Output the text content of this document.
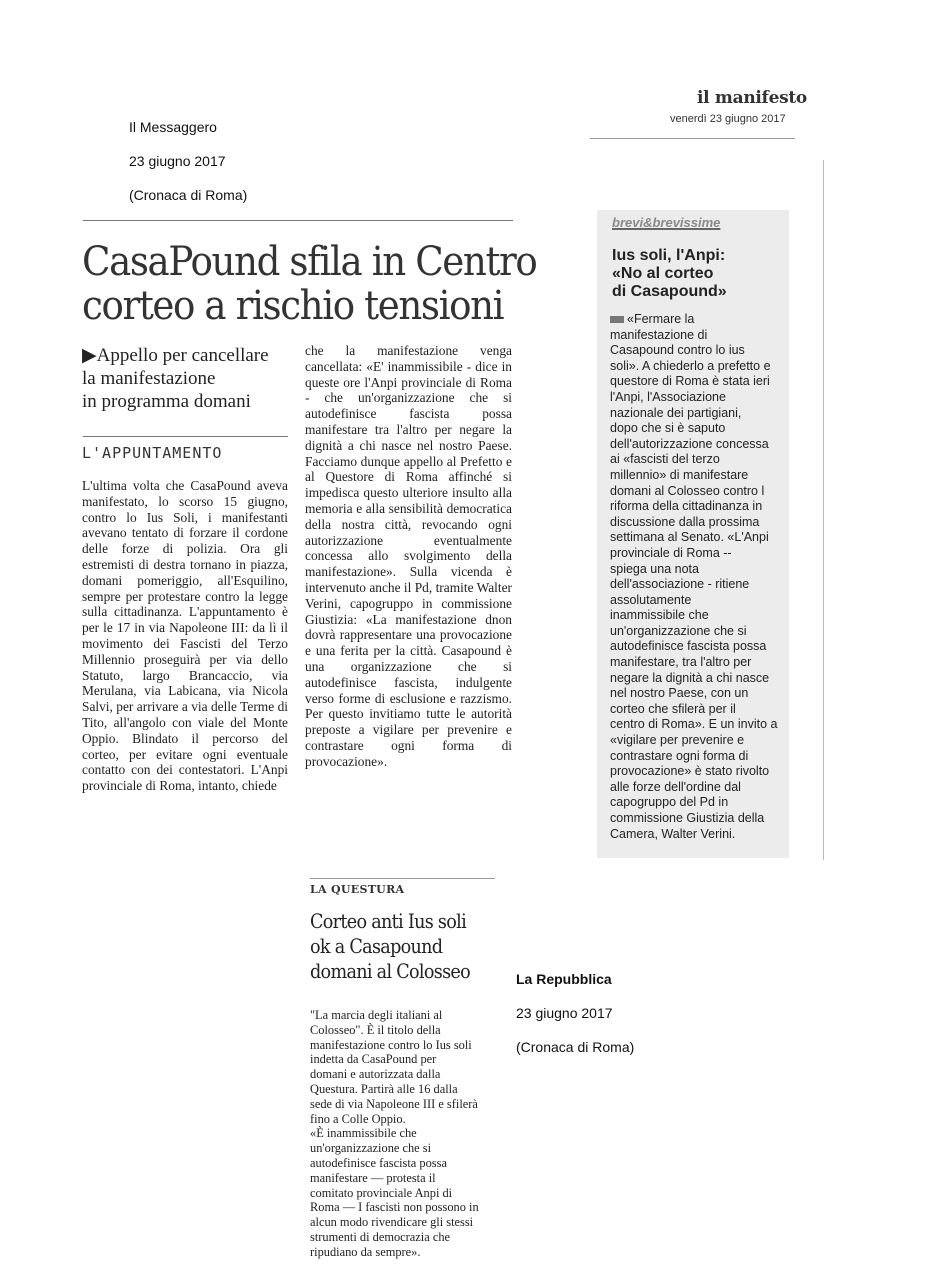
Il Messaggero
23 giugno 2017
(Cronaca di Roma)
CasaPound sfila in Centro
corteo a rischio tensioni
▶Appello per cancellare
la manifestazione
in programma domani
L'APPUNTAMENTO
L'ultima volta che CasaPound aveva manifestato, lo scorso 15 giugno, contro lo Ius Soli, i manifestanti avevano tentato di forzare il cordone delle forze di polizia. Ora gli estremisti di destra tornano in piazza, domani pomeriggio, all'Esquilino, sempre per protestare contro la legge sulla cittadinanza. L'appuntamento è per le 17 in via Napoleone III: da lì il movimento dei Fascisti del Terzo Millennio proseguirà per via dello Statuto, largo Brancaccio, via Merulana, via Labicana, via Nicola Salvi, per arrivare a via delle Terme di Tito, all'angolo con viale del Monte Oppio. Blindato il percorso del corteo, per evitare ogni eventuale contatto con dei contestatori. L'Anpi provinciale di Roma, intanto, chiede
che la manifestazione venga cancellata: «E' inammissibile - dice in queste ore l'Anpi provinciale di Roma - che un'organizzazione che si autodefinisce fascista possa manifestare tra l'altro per negare la dignità a chi nasce nel nostro Paese. Facciamo dunque appello al Prefetto e al Questore di Roma affinché si impedisca questo ulteriore insulto alla memoria e alla sensibilità democratica della nostra città, revocando ogni autorizzazione eventualmente concessa allo svolgimento della manifestazione». Sulla vicenda è intervenuto anche il Pd, tramite Walter Verini, capogruppo in commissione Giustizia: «La manifestazione dnon dovrà rappresentare una provocazione e una ferita per la città. Casapound è una organizzazione che si autodefinisce fascista, indulgente verso forme di esclusione e razzismo. Per questo invitiamo tutte le autorità preposte a vigilare per prevenire e contrastare ogni forma di provocazione».
il manifesto
venerdì 23 giugno 2017
brevi&brevissime
Ius soli, l'Anpi:
«No al corteo
di Casapound»
«Fermare la
manifestazione di
Casapound contro lo ius
soli». A chiederlo a prefetto e
questore di Roma è stata ieri
l'Anpi, l'Associazione
nazionale dei partigiani,
dopo che si è saputo
dell'autorizzazione concessa
ai «fascisti del terzo
millennio» di manifestare
domani al Colosseo contro l
riforma della cittadinanza in
discussione dalla prossima
settimana al Senato. «L'Anpi
provinciale di Roma --
spiega una nota
dell'associazione - ritiene
assolutamente
inammissibile che
un'organizzazione che si
autodefinisce fascista possa
manifestare, tra l'altro per
negare la dignità a chi nasce
nel nostro Paese, con un
corteo che sfilerà per il
centro di Roma». E un invito a
«vigilare per prevenire e
contrastare ogni forma di
provocazione» è stato rivolto
alle forze dell'ordine dal
capogruppo del Pd in
commissione Giustizia della
Camera, Walter Verini.
LA QUESTURA
Corteo anti Ius soli
ok a Casapound
domani al Colosseo
"La marcia degli italiani al
Colosseo". È il titolo della
manifestazione contro lo Ius soli
indetta da CasaPound per
domani e autorizzata dalla
Questura. Partirà alle 16 dalla
sede di via Napoleone III e sfilerà
fino a Colle Oppio.
«È inammissibile che
un'organizzazione che si
autodefinisce fascista possa
manifestare — protesta il
comitato provinciale Anpi di
Roma — I fascisti non possono in
alcun modo rivendicare gli stessi
strumenti di democrazia che
ripudiano da sempre».
La Repubblica
23 giugno 2017
(Cronaca di Roma)
